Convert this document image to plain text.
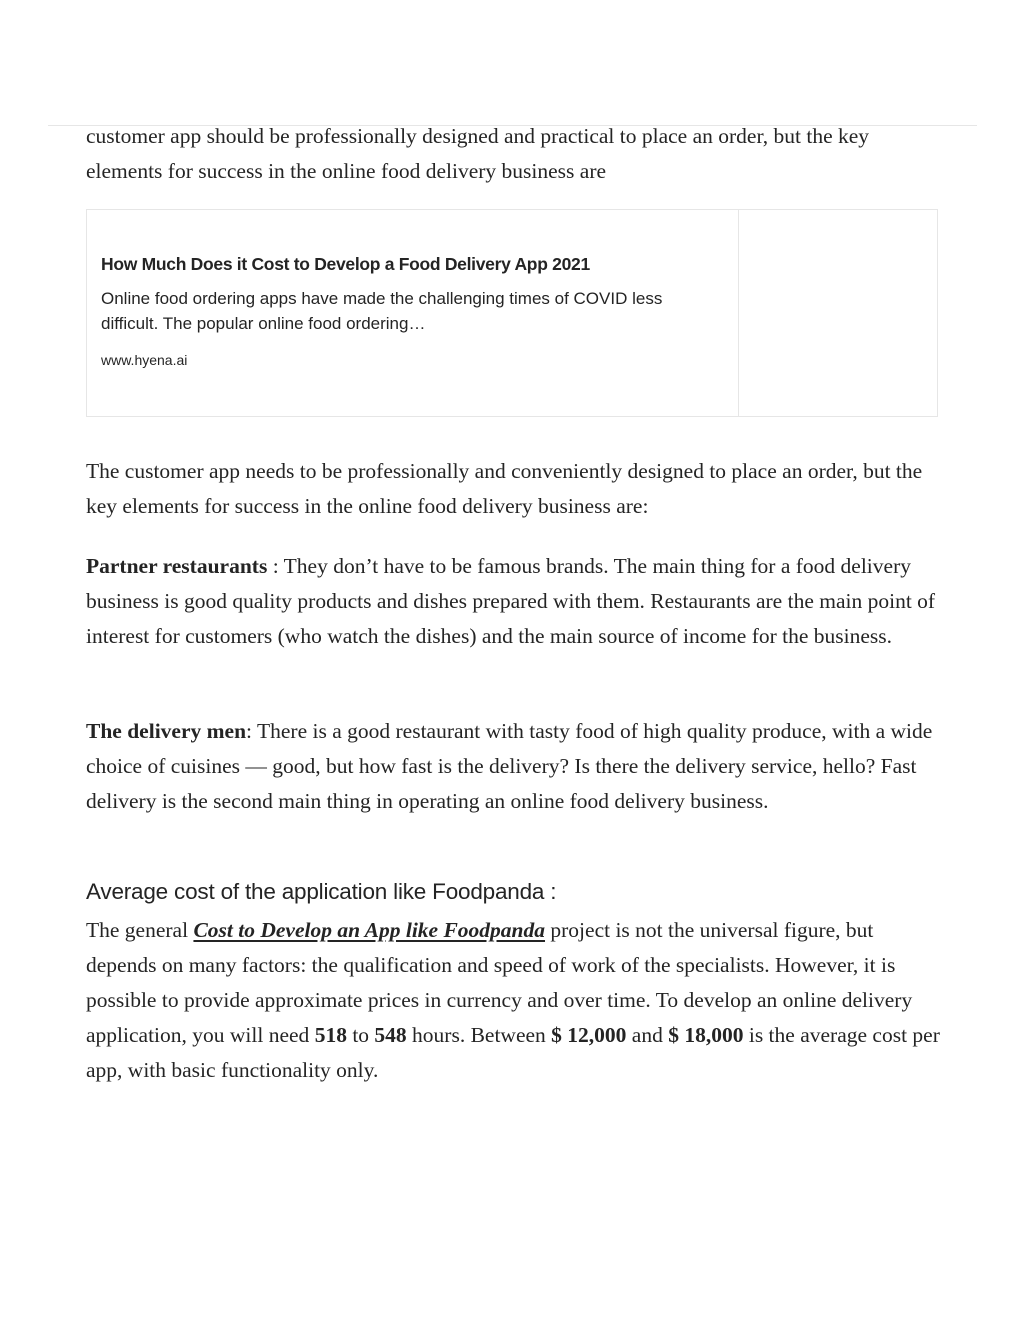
customer app should be professionally designed and practical to place an order, but the key elements for success in the online food delivery business are

How Much Does it Cost to Develop a Food Delivery App 2021

Online food ordering apps have made the challenging times of COVID less difficult. The popular online food ordering…

www.hyena.ai

The customer app needs to be professionally and conveniently designed to place an order, but the key elements for success in the online food delivery business are:

Partner restaurants : They don’t have to be famous brands. The main thing for a food delivery business is good quality products and dishes prepared with them. Restaurants are the main point of interest for customers (who watch the dishes) and the main source of income for the business.

The delivery men: There is a good restaurant with tasty food of high quality produce, with a wide choice of cuisines — good, but how fast is the delivery? Is there the delivery service, hello? Fast delivery is the second main thing in operating an online food delivery business.

Average cost of the application like Foodpanda :

The general Cost to Develop an App like Foodpanda project is not the universal figure, but depends on many factors: the qualification and speed of work of the specialists. However, it is possible to provide approximate prices in currency and over time. To develop an online delivery application, you will need 518 to 548 hours. Between $ 12,000 and $ 18,000 is the average cost per app, with basic functionality only.
